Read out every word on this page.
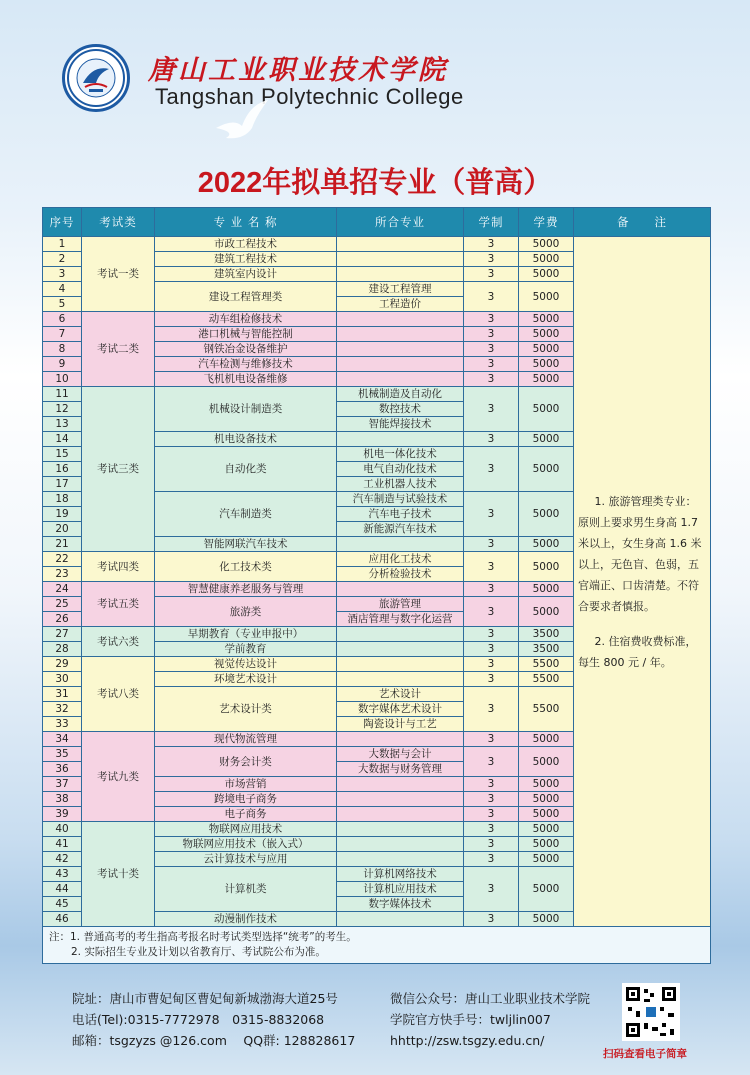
唐山工业职业技术学院
Tangshan Polytechnic College
2022年拟单招专业（普高）
序号	考试类	专 业 名 称	所合专业	学制	学费	备　　注
1	考试一类	市政工程技术		3	5000	1. 旅游管理类专业：原则上要求男生身高 1.7 米以上，女生身高 1.6 米以上，无色盲、色弱，五官端正、口齿清楚。不符合要求者慎报。
2. 住宿费收费标准，每生 800 元 / 年。

2		建筑工程技术		3	5000	
3		建筑室内设计		3	5000	
4		建设工程管理类	建设工程管理	3	5000	
5			工程造价			
6	考试二类	动车组检修技术		3	5000	
7		港口机械与智能控制		3	5000	
8		钢铁冶金设备维护		3	5000	
9		汽车检测与维修技术		3	5000	
10		飞机机电设备维修		3	5000	
11	考试三类	机械设计制造类	机械制造及自动化	3	5000	
12			数控技术			
13			智能焊接技术			
14		机电设备技术		3	5000	
15		自动化类	机电一体化技术	3	5000	
16			电气自动化技术			
17			工业机器人技术			
18		汽车制造类	汽车制造与试验技术	3	5000	
19			汽车电子技术			
20			新能源汽车技术			
21		智能网联汽车技术		3	5000	
22	考试四类	化工技术类	应用化工技术	3	5000	
23			分析检验技术			
24	考试五类	智慧健康养老服务与管理		3	5000	
25		旅游类	旅游管理	3	5000	
26			酒店管理与数字化运营			
27	考试六类	早期教育（专业申报中）		3	3500	
28		学前教育		3	3500	
29	考试八类	视觉传达设计		3	5500	
30		环境艺术设计		3	5500	
31		艺术设计类	艺术设计	3	5500	
32			数字媒体艺术设计			
33			陶瓷设计与工艺			
34	考试九类	现代物流管理		3	5000	
35		财务会计类	大数据与会计	3	5000	
36			大数据与财务管理			
37		市场营销		3	5000	
38		跨境电子商务		3	5000	
39		电子商务		3	5000	
40	考试十类	物联网应用技术		3	5000	
41		物联网应用技术（嵌入式）		3	5000	
42		云计算技术与应用		3	5000	
43		计算机类	计算机网络技术	3	5000	
44			计算机应用技术			
45			数字媒体技术			
46		动漫制作技术		3	5000	

注：1. 普通高考的考生指高考报名时考试类型选择“统考”的考生。
2. 实际招生专业及计划以省教育厅、考试院公布为准。						
院址：唐山市曹妃甸区曹妃甸新城渤海大道25号
电话(Tel):0315-7772978　0315-8832068
邮箱：tsgzyzs @126.com　 QQ群: 128828617
微信公众号：唐山工业职业技术学院
学院官方快手号：twljlin007
hhttp://zsw.tsgzy.edu.cn/
扫码查看电子简章
